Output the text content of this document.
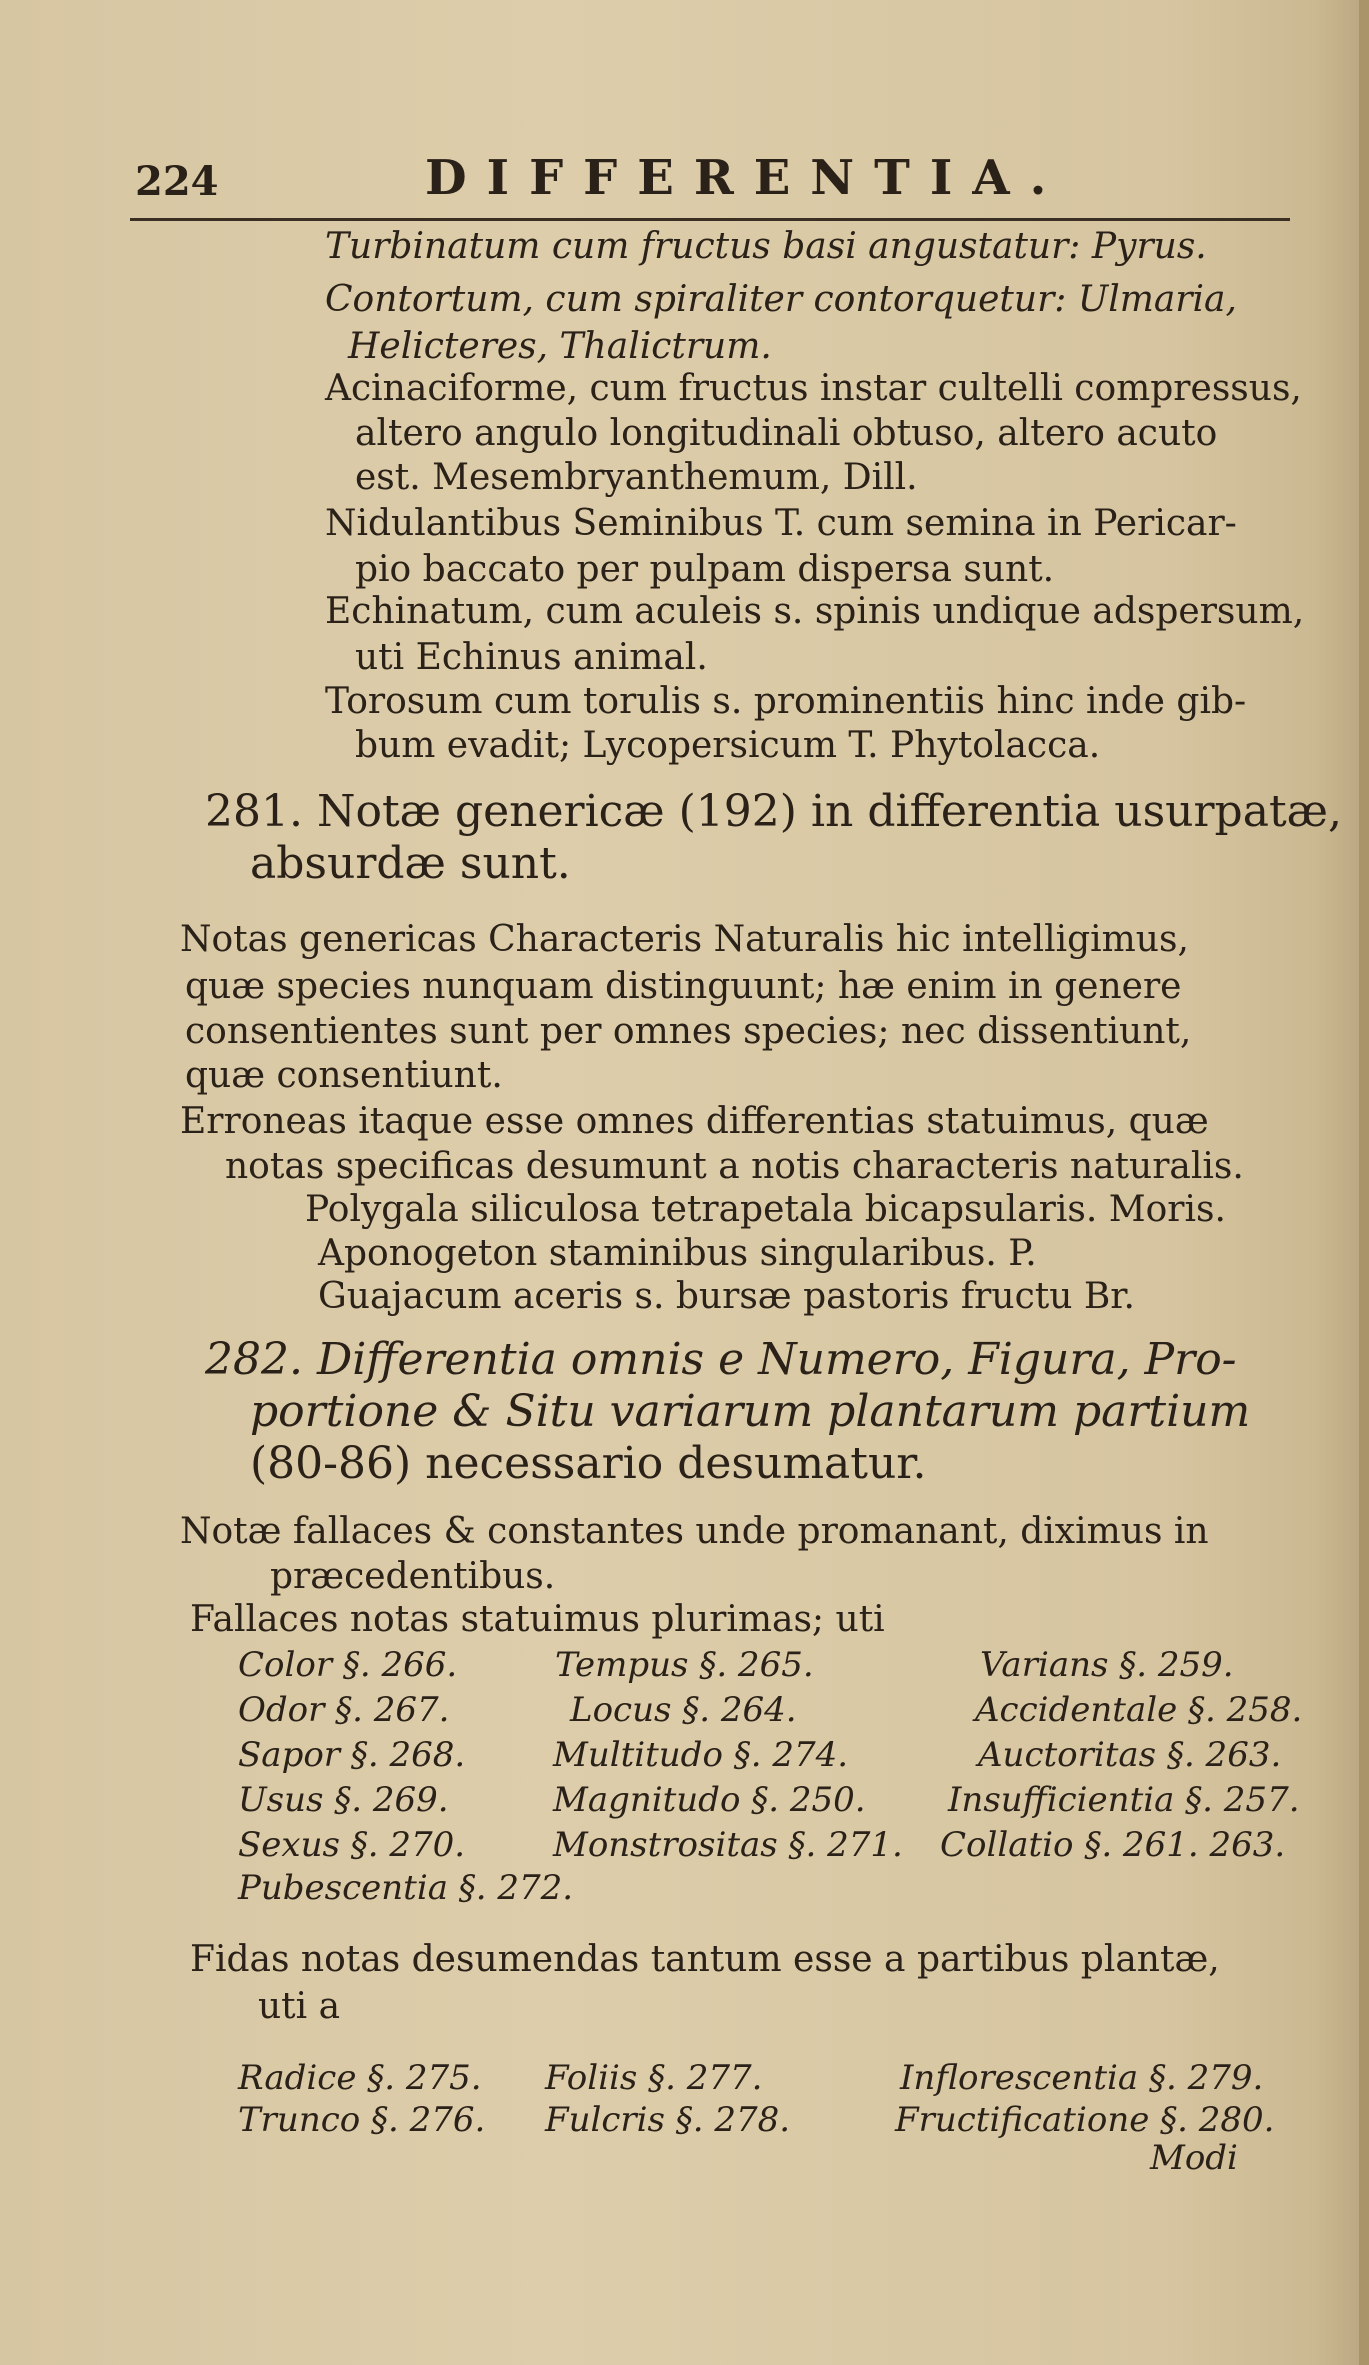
224	DIFFERENTIA.
Turbinatum cum fructus basi angustatur: Pyrus.
Contortum, cum spiraliter contorquetur: Ulmaria,
Helicteres, Thalictrum.
Acinaciforme, cum fructus instar cultelli compressus,
altero angulo longitudinali obtuso, altero acuto
est. Mesembryanthemum, Dill.
Nidulantibus Seminibus T. cum semina in Pericar-
pio baccato per pulpam dispersa sunt.
Echinatum, cum aculeis s. spinis undique adspersum,
uti Echinus animal.
Torosum cum torulis s. prominentiis hinc inde gib-
bum evadit; Lycopersicum T. Phytolacca.
281. Notæ genericæ (192) in differentia usurpatæ,
absurdæ sunt.
Notas genericas Characteris Naturalis hic intelligimus,
quæ species nunquam distinguunt; hæ enim in genere
consentientes sunt per omnes species; nec dissentiunt,
quæ consentiunt.
Erroneas itaque esse omnes differentias statuimus, quæ
notas specificas desumunt a notis characteris naturalis.
Polygala siliculosa tetrapetala bicapsularis. Moris.
Aponogeton staminibus singularibus. P.
Guajacum aceris s. bursæ pastoris fructu Br.
282. Differentia omnis e Numero, Figura, Pro-
portione & Situ variarum plantarum partium
(80-86) necessario desumatur.
Notæ fallaces & constantes unde promanant, diximus in
præcedentibus.
Fallaces notas statuimus plurimas; uti
Color §. 266.	Tempus §. 265.	Varians §. 259.
Odor §. 267.	Locus §. 264.	Accidentale §. 258.
Sapor §. 268.	Multitudo §. 274.	Auctoritas §. 263.
Usus §. 269.	Magnitudo §. 250. Insufficientia §. 257.
Sexus §. 270.	Monstrositas §. 271. Collatio §. 261. 263.
Pubescentia §. 272.
Fidas notas desumendas tantum esse a partibus plantæ,
uti a
Radice §. 275. Foliis §. 277.	Inflorescentia §. 279.
Trunco §. 276. Fulcris §. 278.	Fructificatione §. 280.
Modi
